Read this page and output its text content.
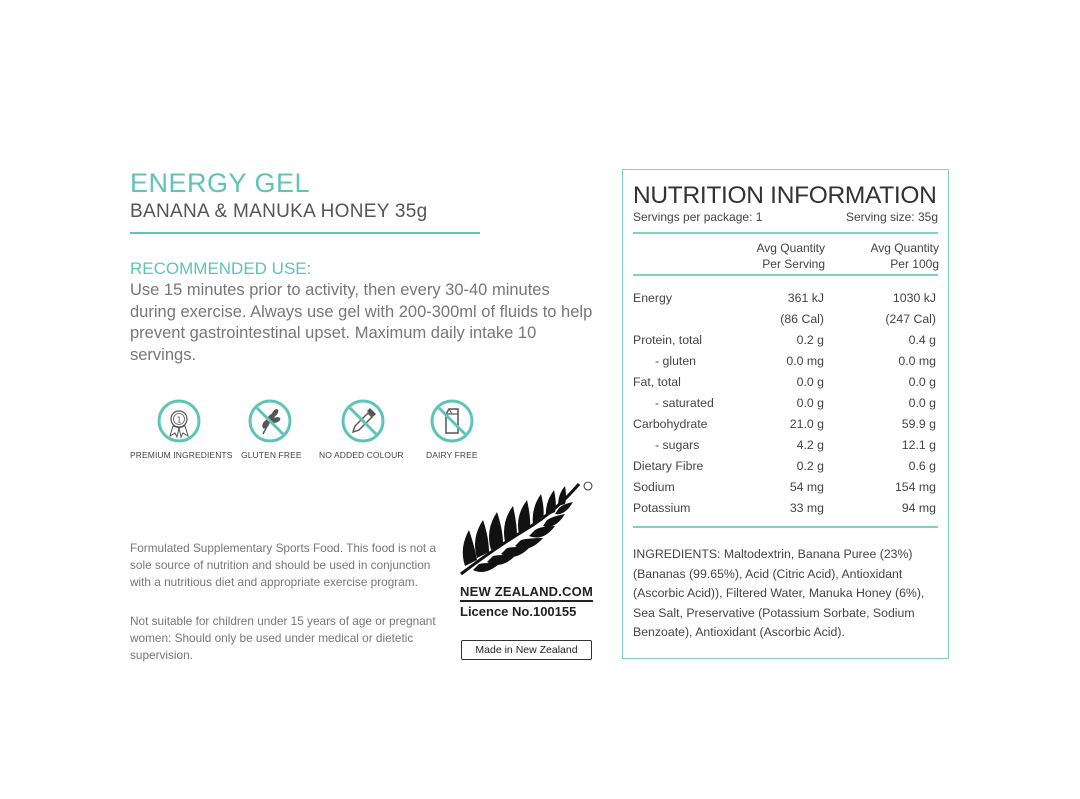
ENERGY GEL
BANANA & MANUKA HONEY 35g
RECOMMENDED USE:
Use 15 minutes prior to activity, then every 30-40 minutes during exercise. Always use gel with 200-300ml of fluids to help prevent gastrointestinal upset. Maximum daily intake 10 servings.
1
PREMIUM INGREDIENTS GLUTEN FREE NO ADDED COLOUR	DAIRY FREE
Formulated Supplementary Sports Food. This food is not a sole source of nutrition and should be used in conjunction with a nutritious diet and appropriate exercise program.
Not suitable for children under 15 years of age or pregnant women: Should only be used under medical or dietetic supervision.
NEW ZEALAND.COM
Licence No.100155
Made in New Zealand
NUTRITION INFORMATION
Servings per package: 1	Serving size: 35g
Avg Quantity
Per Serving
Avg Quantity
Per 100g
Energy	361 kJ	1030 kJ
(86 Cal)	(247 Cal)
Protein, total	0.2 g	0.4 g
- gluten	0.0 mg	0.0 mg
Fat, total	0.0 g	0.0 g
- saturated	0.0 g	0.0 g
Carbohydrate	21.0 g	59.9 g
- sugars	4.2 g	12.1 g
Dietary Fibre	0.2 g	0.6 g
Sodium	54 mg	154 mg
Potassium	33 mg	94 mg
INGREDIENTS: Maltodextrin, Banana Puree (23%) (Bananas (99.65%), Acid (Citric Acid), Antioxidant (Ascorbic Acid)), Filtered Water, Manuka Honey (6%), Sea Salt, Preservative (Potassium Sorbate, Sodium Benzoate), Antioxidant (Ascorbic Acid).
